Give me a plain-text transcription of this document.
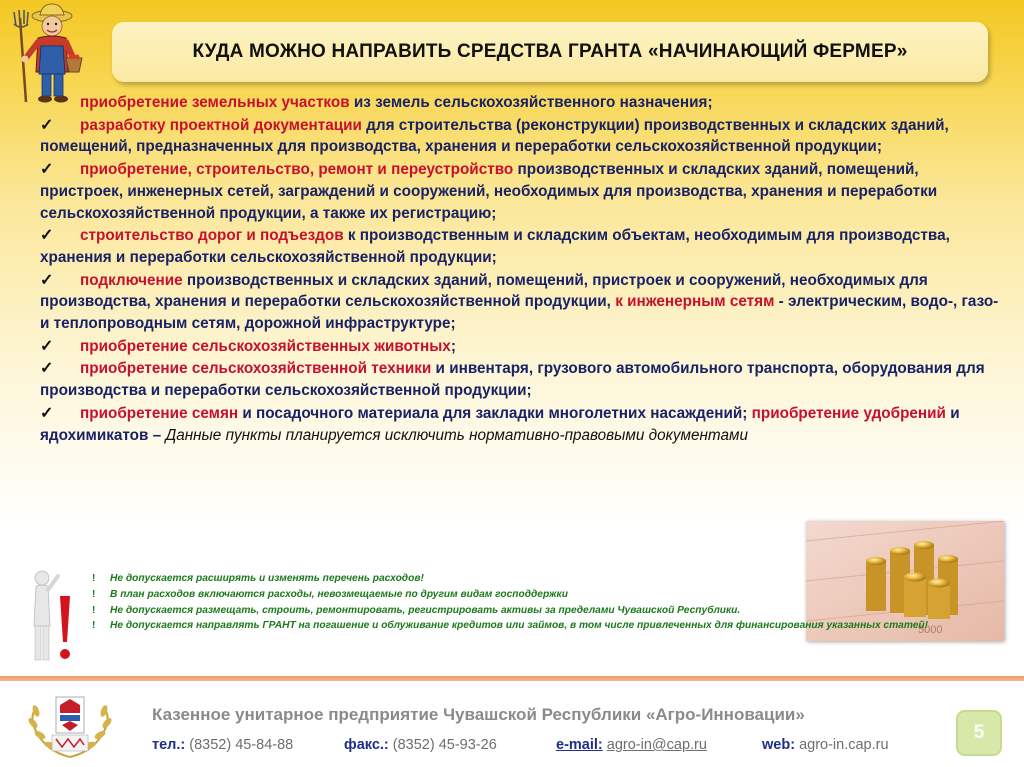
КУДА МОЖНО НАПРАВИТЬ СРЕДСТВА ГРАНТА «НАЧИНАЮЩИЙ ФЕРМЕР»
приобретение земельных участков из земель сельскохозяйственного назначения;
✓ разработку проектной документации для строительства (реконструкции) производственных и складских зданий, помещений, предназначенных для производства, хранения и переработки сельскохозяйственной продукции;
✓ приобретение, строительство, ремонт и переустройство производственных и складских зданий, помещений, пристроек, инженерных сетей, заграждений и сооружений, необходимых для производства, хранения и переработки сельскохозяйственной продукции, а также их регистрацию;
✓ строительство дорог и подъездов к производственным и складским объектам, необходимым для производства, хранения и переработки сельскохозяйственной продукции;
✓ подключение производственных и складских зданий, помещений, пристроек и сооружений, необходимых для производства, хранения и переработки сельскохозяйственной продукции, к инженерным сетям - электрическим, водо-, газо- и теплопроводным сетям, дорожной инфраструктуре;
✓ приобретение сельскохозяйственных животных;
✓ приобретение сельскохозяйственной техники и инвентаря, грузового автомобильного транспорта, оборудования для производства и переработки сельскохозяйственной продукции;
✓ приобретение семян и посадочного материала для закладки многолетних насаждений; приобретение удобрений и ядохимикатов – Данные пункты планируется исключить нормативно-правовыми документами
5000
! Не допускается расширять и изменять перечень расходов!
! В план расходов включаются расходы, невозмещаемые по другим видам господдержки
! Не допускается размещать, строить, ремонтировать, регистрировать активы за пределами Чувашской Республики.
! Не допускается направлять ГРАНТ на погашение и облуживание кредитов или займов, в том числе привлеченных для финансирования указанных статей!
Казенное унитарное предприятие Чувашской Республики «Агро-Инновации»
тел.: (8352) 45-84-88	факс.: (8352) 45-93-26	e-mail: agro-in@cap.ru	web: agro-in.cap.ru
5
